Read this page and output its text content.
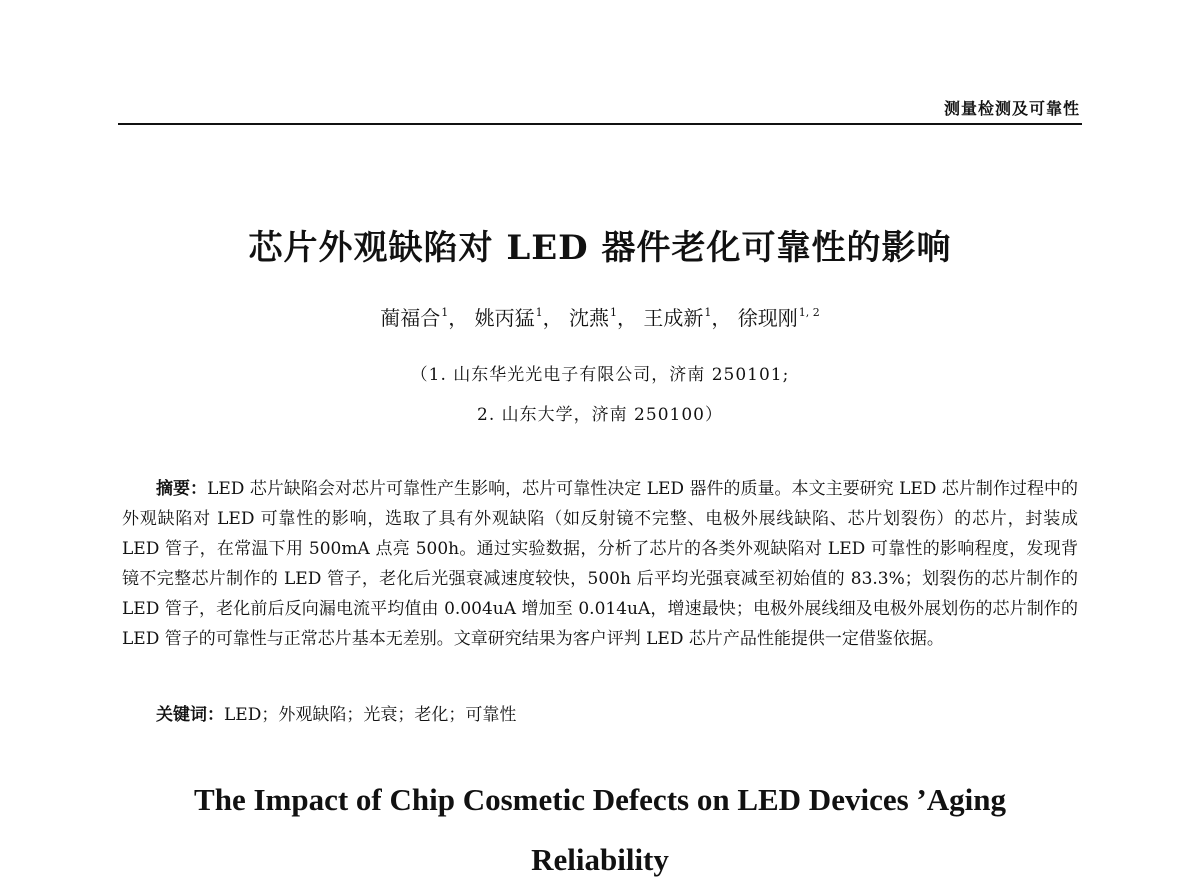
测量检测及可靠性
芯片外观缺陷对 LED 器件老化可靠性的影响
蔺福合$^1$， 姚丙猛$^1$， 沈燕$^1$， 王成新$^1$， 徐现刚$^{1, 2}$
（1. 山东华光光电子有限公司，济南 250101;
2. 山东大学，济南 250100）

摘要：LED 芯片缺陷会对芯片可靠性产生影响，芯片可靠性决定 LED 器件的质量。本文主要研究 LED 芯片制作过程中的外观缺陷对 LED 可靠性的影响，选取了具有外观缺陷（如反射镜不完整、电极外展线缺陷、芯片划裂伤）的芯片，封装成 LED 管子，在常温下用 500mA 点亮 500h。通过实验数据，分析了芯片的各类外观缺陷对 LED 可靠性的影响程度，发现背镜不完整芯片制作的 LED 管子，老化后光强衰减速度较快，500h 后平均光强衰减至初始值的 83.3%；划裂伤的芯片制作的 LED 管子，老化前后反向漏电流平均值由 0.004uA 增加至 0.014uA，增速最快；电极外展线细及电极外展划伤的芯片制作的 LED 管子的可靠性与正常芯片基本无差别。文章研究结果为客户评判 LED 芯片产品性能提供一定借鉴依据。

关键词：LED；外观缺陷；光衰；老化；可靠性
The Impact of Chip Cosmetic Defects on LED Devices ’Aging
Reliability
